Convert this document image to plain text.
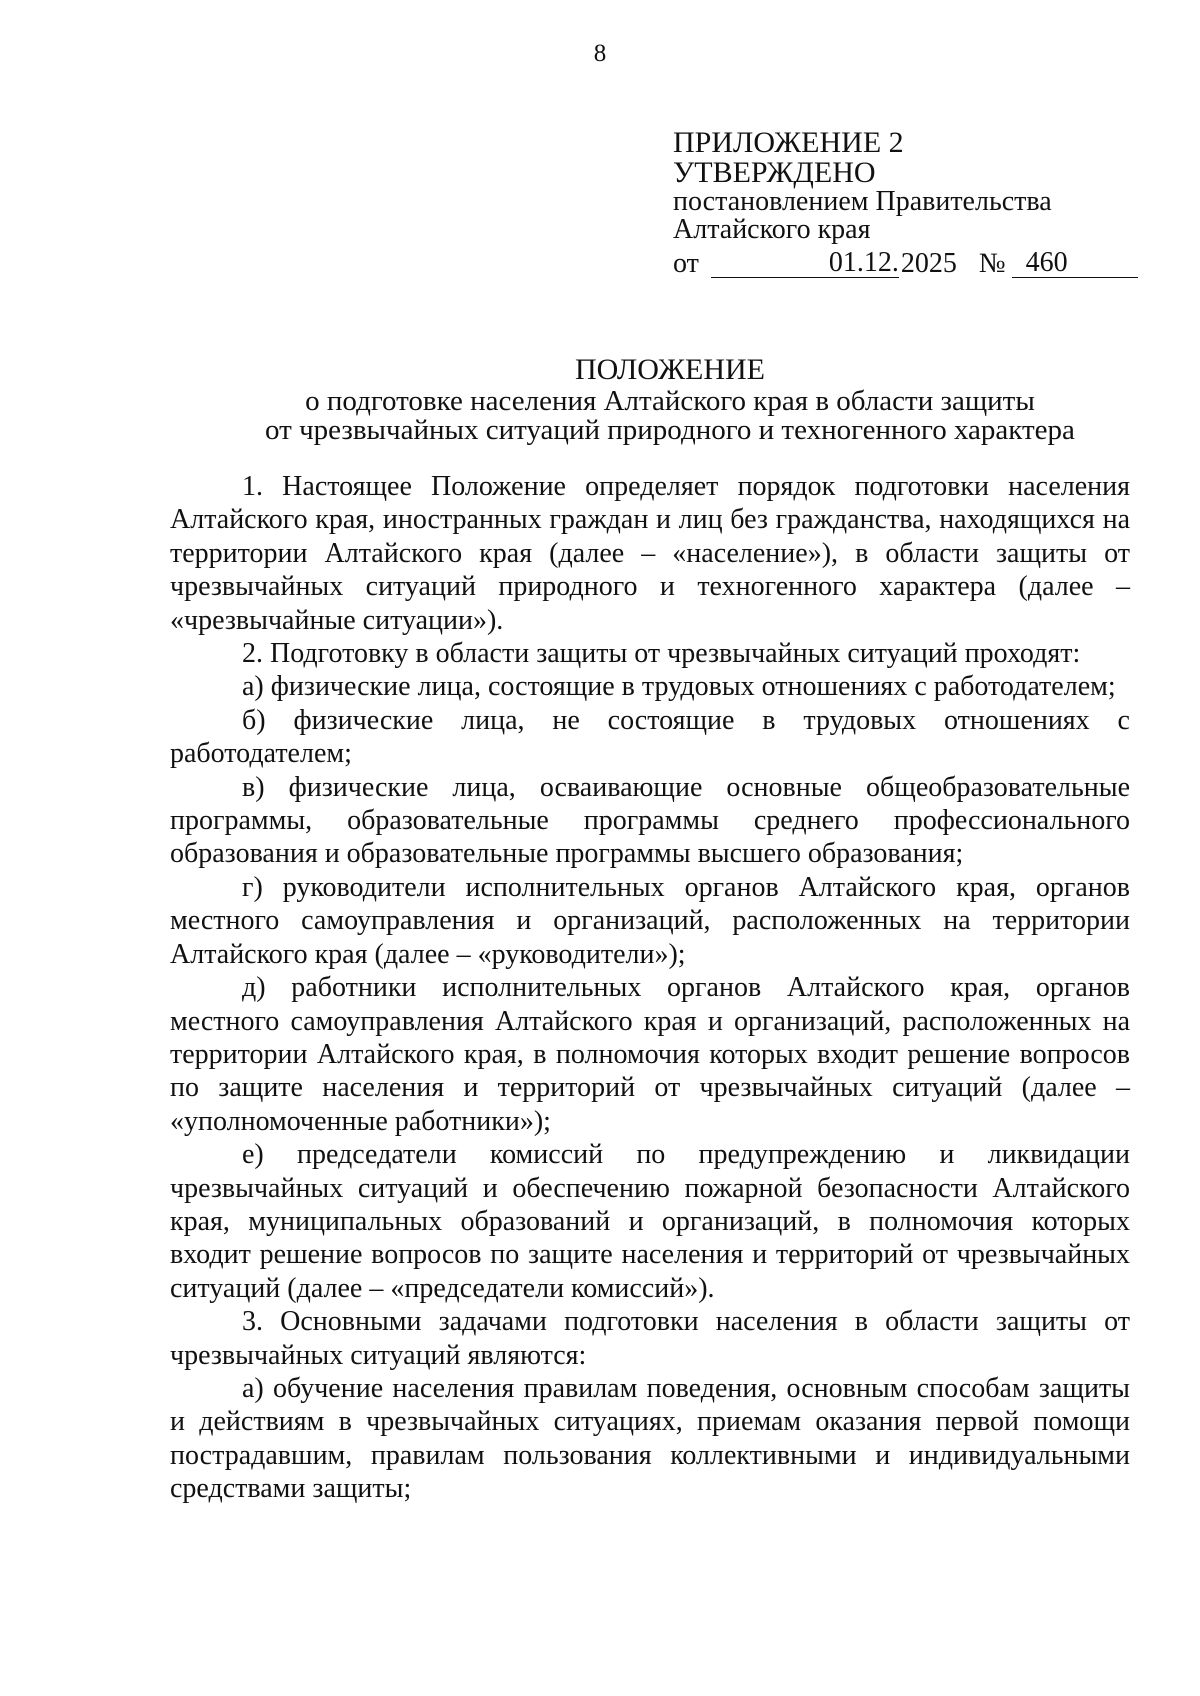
8
ПРИЛОЖЕНИЕ 2
УТВЕРЖДЕНО
постановлением Правительства
Алтайского края
от	01.12. 2025 № 460
ПОЛОЖЕНИЕ
о подготовке населения Алтайского края в области защиты
от чрезвычайных ситуаций природного и техногенного характера

1. Настоящее Положение определяет порядок подготовки населения Алтайского края, иностранных граждан и лиц без гражданства, находящихся на территории Алтайского края (далее – «население»), в области защиты от чрезвычайных ситуаций природного и техногенного характера (далее – «чрезвычайные ситуации»).

2. Подготовку в области защиты от чрезвычайных ситуаций проходят:

а) физические лица, состоящие в трудовых отношениях с работодателем;

б) физические лица, не состоящие в трудовых отношениях с работодателем;

в) физические лица, осваивающие основные общеобразовательные программы, образовательные программы среднего профессионального образования и образовательные программы высшего образования;

г) руководители исполнительных органов Алтайского края, органов местного самоуправления и организаций, расположенных на территории Алтайского края (далее – «руководители»);

д) работники исполнительных органов Алтайского края, органов местного самоуправления Алтайского края и организаций, расположенных на территории Алтайского края, в полномочия которых входит решение вопросов по защите населения и территорий от чрезвычайных ситуаций (далее – «уполномоченные работники»);

е) председатели комиссий по предупреждению и ликвидации чрезвычайных ситуаций и обеспечению пожарной безопасности Алтайского края, муниципальных образований и организаций, в полномочия которых входит решение вопросов по защите населения и территорий от чрезвычайных ситуаций (далее – «председатели комиссий»).

3. Основными задачами подготовки населения в области защиты от чрезвычайных ситуаций являются:

а) обучение населения правилам поведения, основным способам защиты и действиям в чрезвычайных ситуациях, приемам оказания первой помощи пострадавшим, правилам пользования коллективными и индивидуальными средствами защиты;
